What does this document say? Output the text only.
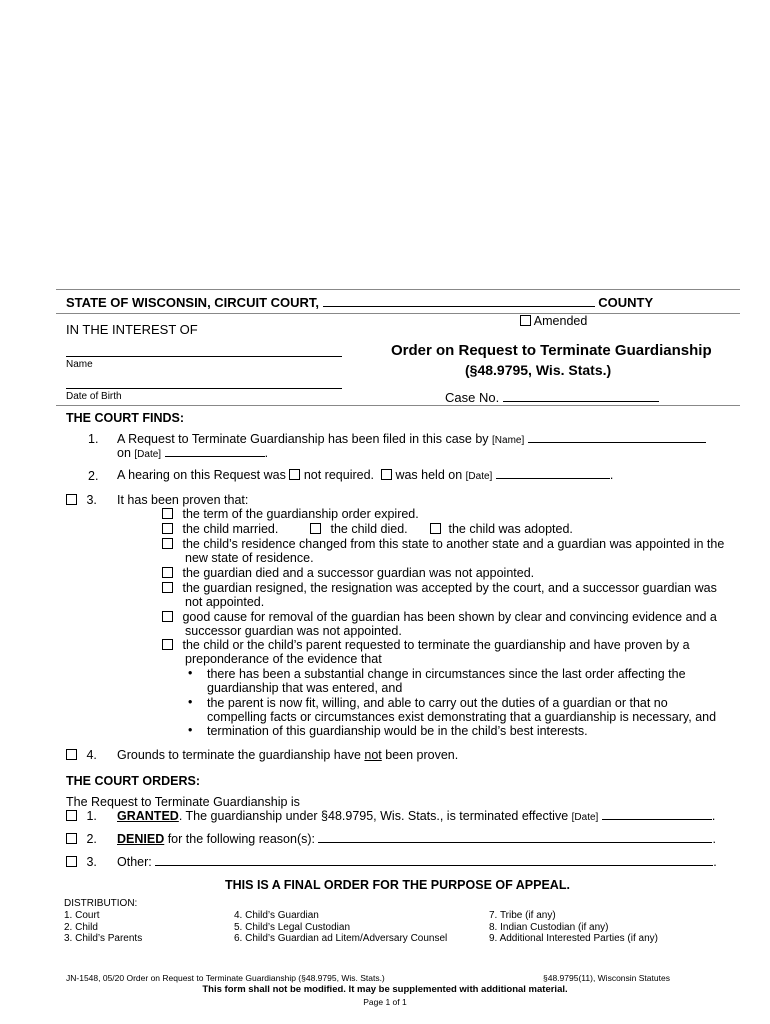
STATE OF WISCONSIN, CIRCUIT COURT,	COUNTY
Amended
IN THE INTEREST OF
Name
Date of Birth
Order on Request to Terminate Guardianship
(§48.9795, Wis. Stats.)
Case No.
THE COURT FINDS:
1. A Request to Terminate Guardianship has been filed in this case by [Name]
on [Date]	.
2. A hearing on this Request was not required. was held on [Date]	.
3. It has been proven that:
the term of the guardianship order expired.
the child married.	the child died.	the child was adopted.
the child’s residence changed from this state to another state and a guardian was appointed in the
new state of residence.
the guardian died and a successor guardian was not appointed.
the guardian resigned, the resignation was accepted by the court, and a successor guardian was
not appointed.
good cause for removal of the guardian has been shown by clear and convincing evidence and a
successor guardian was not appointed.
the child or the child’s parent requested to terminate the guardianship and have proven by a
preponderance of the evidence that
• there has been a substantial change in circumstances since the last order affecting the
guardianship that was entered, and
• the parent is now fit, willing, and able to carry out the duties of a guardian or that no
compelling facts or circumstances exist demonstrating that a guardianship is necessary, and
• termination of this guardianship would be in the child’s best interests.
4. Grounds to terminate the guardianship have not been proven.
THE COURT ORDERS:
The Request to Terminate Guardianship is
1. GRANTED. The guardianship under §48.9795, Wis. Stats., is terminated effective [Date]	.
2. DENIED for the following reason(s):	.
3. Other:	.
THIS IS A FINAL ORDER FOR THE PURPOSE OF APPEAL.
DISTRIBUTION:
1. Court
2. Child
3. Child’s Parents
4. Child’s Guardian
5. Child’s Legal Custodian
6. Child’s Guardian ad Litem/Adversary Counsel
7. Tribe (if any)
8. Indian Custodian (if any)
9. Additional Interested Parties (if any)
JN-1548, 05/20 Order on Request to Terminate Guardianship (§48.9795, Wis. Stats.)	§48.9795(11), Wisconsin Statutes
This form shall not be modified. It may be supplemented with additional material.
Page 1 of 1
